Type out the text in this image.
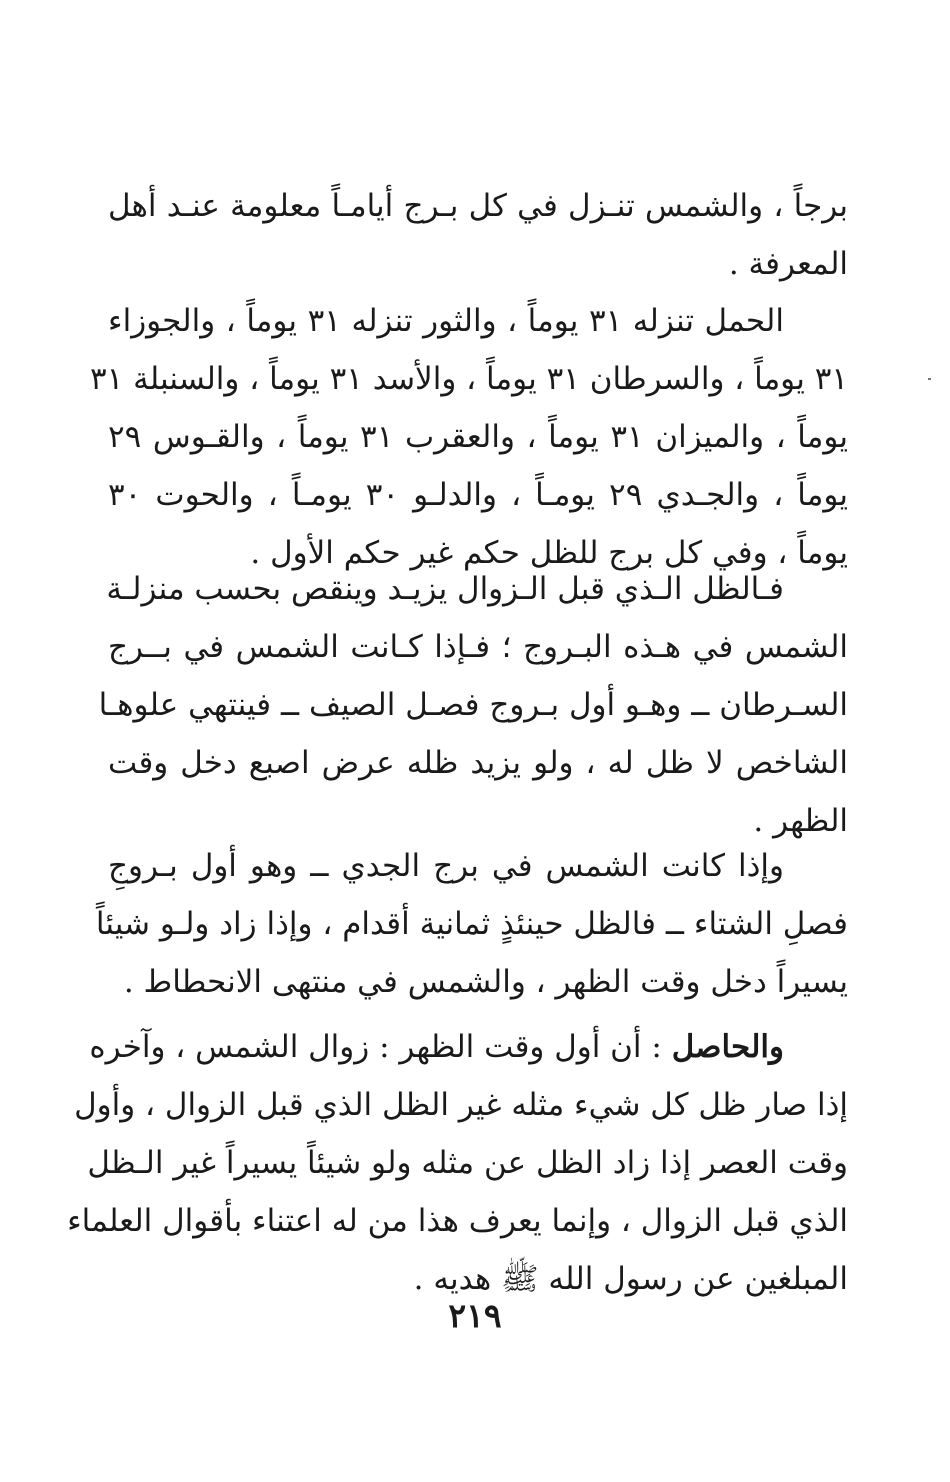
برجاً ، والشمس تنـزل في كل بـرج أيامـاً معلومة عنـد أهل
المعرفة .
الحمل تنزله ٣١ يوماً ، والثور تنزله ٣١ يوماً ، والجوزاء
٣١ يوماً ، والسرطان ٣١ يوماً ، والأسد ٣١ يوماً ، والسنبلة ٣١
يوماً ، والميزان ٣١ يوماً ، والعقرب ٣١ يوماً ، والقـوس ٢٩
يوماً ، والجـدي ٢٩ يومـاً ، والدلـو ٣٠ يومـاً ، والحوت ٣٠
يوماً ، وفي كل برج للظل حكم غير حكم الأول .
فـالظل الـذي قبل الـزوال يزيـد وينقص بحسب منزلـة
الشمس في هـذه البـروج ؛ فـإذا كـانت الشمس في بــرج
السـرطان ــ وهـو أول بـروج فصـل الصيف ــ فينتهي علوهـا
الشاخص لا ظل له ، ولو يزيد ظله عرض اصبع دخل وقت
الظهر .
وإذا كانت الشمس في برج الجدي ــ وهو أول بـروجِ
فصلِ الشتاء ــ فالظل حينئذٍ ثمانية أقدام ، وإذا زاد ولـو شيئاً
يسيراً دخل وقت الظهر ، والشمس في منتهى الانحطاط .
والحاصل : أن أول وقت الظهر : زوال الشمس ، وآخره
إذا صار ظل كل شيء مثله غير الظل الذي قبل الزوال ، وأول
وقت العصر إذا زاد الظل عن مثله ولو شيئاً يسيراً غير الـظل
الذي قبل الزوال ، وإنما يعرف هذا من له اعتناء بأقوال العلماء
المبلغين عن رسول الله ﷺ هديه .
٢١٩
